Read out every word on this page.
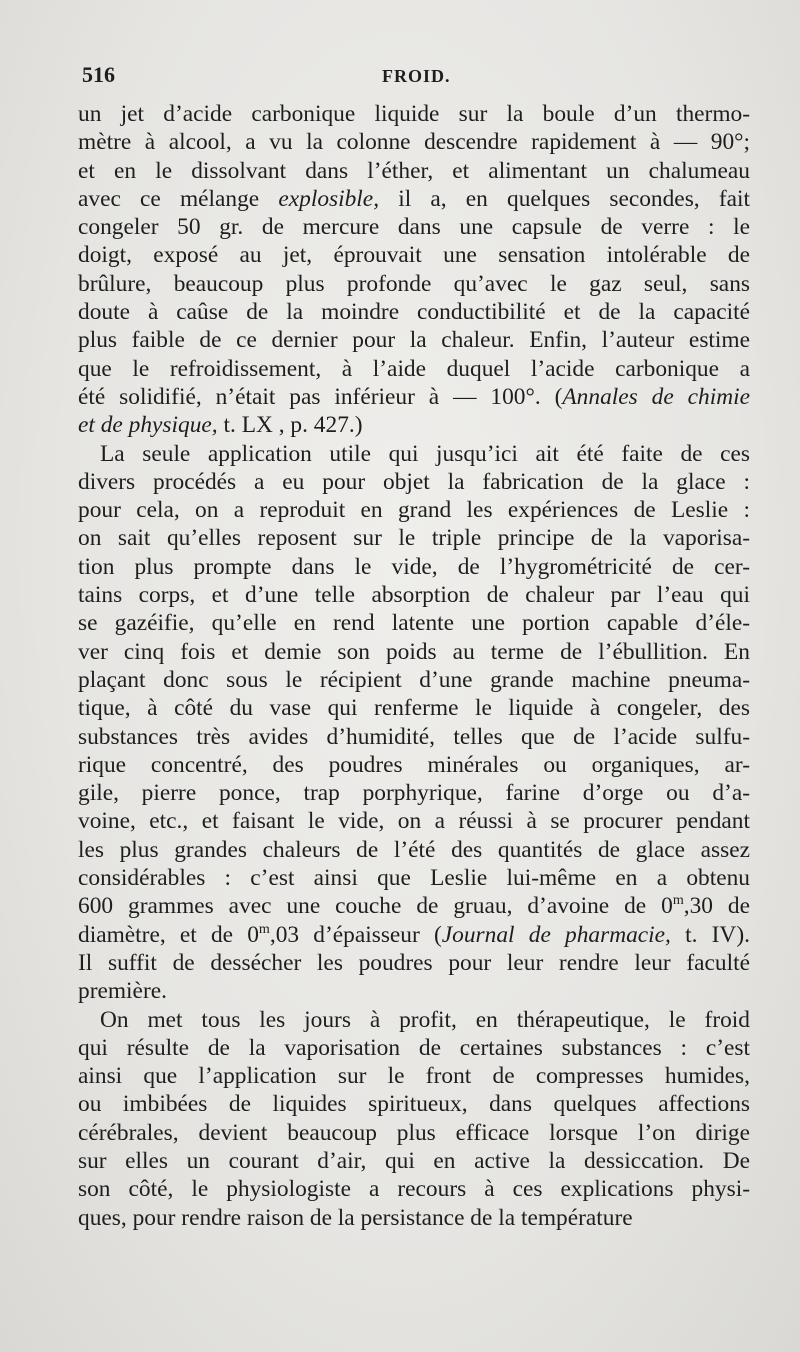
516	FROID.
un jet d’acide carbonique liquide sur la boule d’un thermo-
mètre à alcool, a vu la colonne descendre rapidement à — 90°;
et en le dissolvant dans l’éther, et alimentant un chalumeau
avec ce mélange explosible, il a, en quelques secondes, fait
congeler 50 gr. de mercure dans une capsule de verre : le
doigt, exposé au jet, éprouvait une sensation intolérable de
brûlure, beaucoup plus profonde qu’avec le gaz seul, sans
doute à caûse de la moindre conductibilité et de la capacité
plus faible de ce dernier pour la chaleur. Enfin, l’auteur estime
que le refroidissement, à l’aide duquel l’acide carbonique a
été solidifié, n’était pas inférieur à — 100°. (Annales de chimie
et de physique, t. LX , p. 427.)
La seule application utile qui jusqu’ici ait été faite de ces
divers procédés a eu pour objet la fabrication de la glace :
pour cela, on a reproduit en grand les expériences de Leslie :
on sait qu’elles reposent sur le triple principe de la vaporisa-
tion plus prompte dans le vide, de l’hygrométricité de cer-
tains corps, et d’une telle absorption de chaleur par l’eau qui
se gazéifie, qu’elle en rend latente une portion capable d’éle-
ver cinq fois et demie son poids au terme de l’ébullition. En
plaçant donc sous le récipient d’une grande machine pneuma-
tique, à côté du vase qui renferme le liquide à congeler, des
substances très avides d’humidité, telles que de l’acide sulfu-
rique concentré, des poudres minérales ou organiques, ar-
gile, pierre ponce, trap porphyrique, farine d’orge ou d’a-
voine, etc., et faisant le vide, on a réussi à se procurer pendant
les plus grandes chaleurs de l’été des quantités de glace assez
considérables : c’est ainsi que Leslie lui-même en a obtenu
600 grammes avec une couche de gruau, d’avoine de 0$^m$,30 de
diamètre, et de 0$^m$,03 d’épaisseur (Journal de pharmacie, t. IV).
Il suffit de dessécher les poudres pour leur rendre leur faculté
première.
On met tous les jours à profit, en thérapeutique, le froid
qui résulte de la vaporisation de certaines substances : c’est
ainsi que l’application sur le front de compresses humides,
ou imbibées de liquides spiritueux, dans quelques affections
cérébrales, devient beaucoup plus efficace lorsque l’on dirige
sur elles un courant d’air, qui en active la dessiccation. De
son côté, le physiologiste a recours à ces explications physi-
ques, pour rendre raison de la persistance de la température
